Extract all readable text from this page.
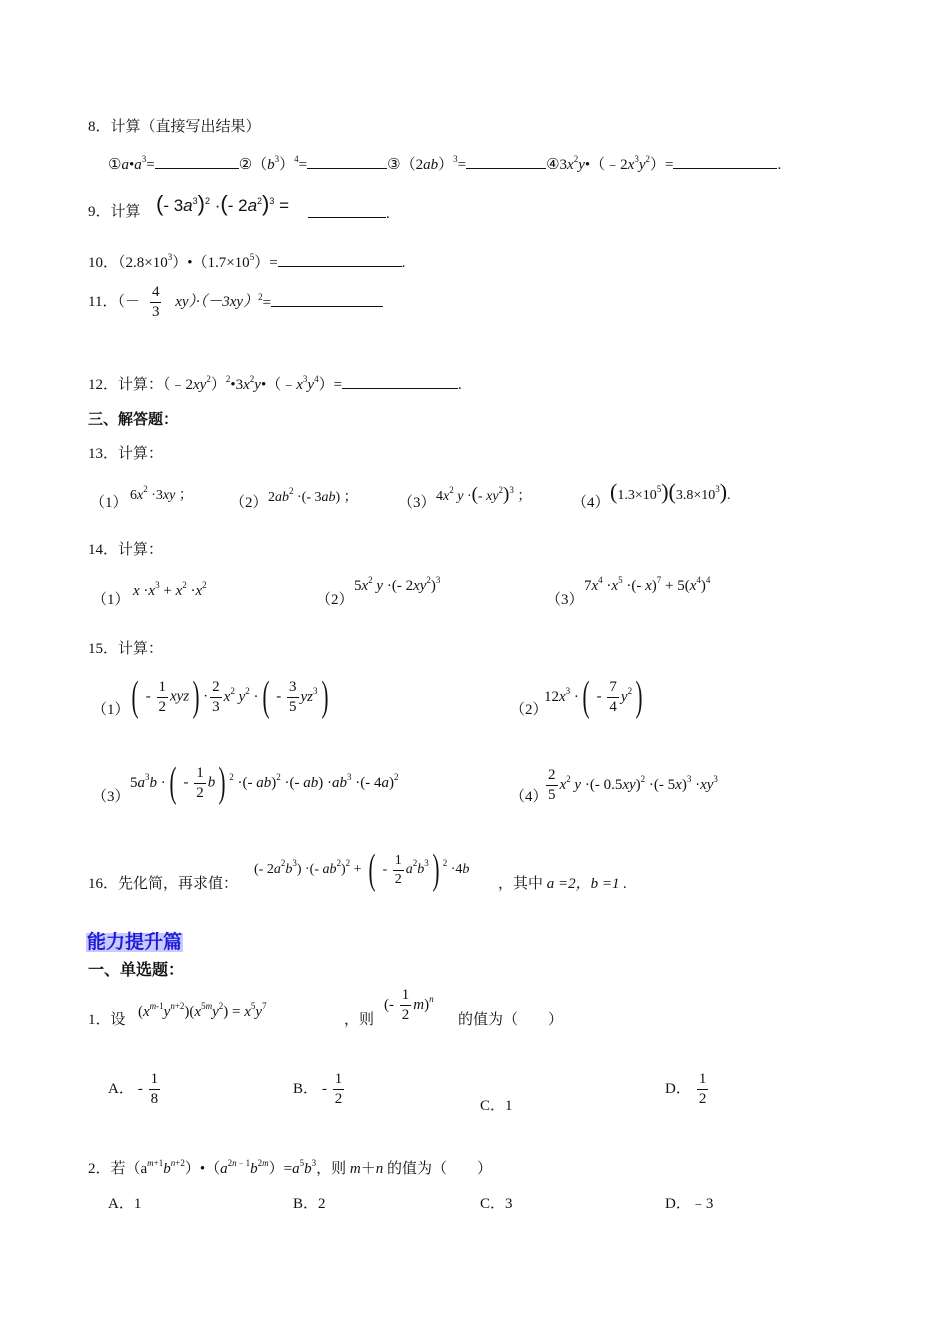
8．计算（直接写出结果）
$①a•a^3=$	$②(b^3)^4=$	$③(2ab)^3=$	$④3x^2y•(﹣2x^3y^2)=$	.
9．计算 (- $3a^3)^2$ ·(- $2a^2)^3$ =	.
10．$(2.8\times 10^3)•(1.7\times 10^5)=$	.
11．（－ $\frac{4}{3} xy)\cdot(-3xy)^2=$
12．计算：$(﹣2xy^2)^2•3x^2y•(﹣x^3y^4)=$	.
三、解答题：
13．计算：
（1） $6x^2 \cdot 3xy$ ； （2） $2ab^2$ ·(- 3ab) ；	（3） $4x^2$ y ·(- $xy^2)^3$ ；	（4） $(1.3\times 10^5)(3.8\times 10^3)$.
14．计算：
（1）
$x \cdot x^3 + x^2 \cdot x^2$
（2）
$5x^2$ y ·(- $2xy^2)^3$
（3）
$7x^4 \cdot x^5$ ·(- $x)^7 + 5(x^4)^4$
15．计算：
（1） ( - $\frac{1}{2} xyz) \cdot \frac{2}{3} x^2$ $y^2$ ·( - $\frac{3}{5} yz^3$)	（2）
$12x^3$ ·( - $\frac{7}{4} y^2$)
（3）
$5a^3b$ ·( - $\frac{1}{2} b$) $^2$ ·(- ab)$^2$ ·(- $ab) \cdot ab^3$ ·(- 4a)$^2$
（4）
$\frac{2}{5} x^2$ y ·(- 0.5xy)$^2$ ·(- $5x)^3 \cdot xy^3$
16．先化简，再求值：
(- $2a^2b^3$) ·(- $ab^2)^2$ + ( - $\frac{1}{2} a^2b^3$) $^2$ ·4b
，其中 a =2，b =1 .
能力提升篇
一、单选题：
1．设 $(x^{m-1}y^{n+2})(x^{5m}y^2) = x^5y^7$
，则
(- $\frac{1}{2} m)^n$
的值为（　　）
A． - $\frac{1}{8}$	B． - $\frac{1}{2}$	C．1
D． $\frac{1}{2}$
2．若$(a^{m+1}b^{n+2})•(a^{2n﹣1}b^{2m})=a^5b^3$，则 m＋n 的值为（　　）
A．1	B．2	C．3	D．﹣3
